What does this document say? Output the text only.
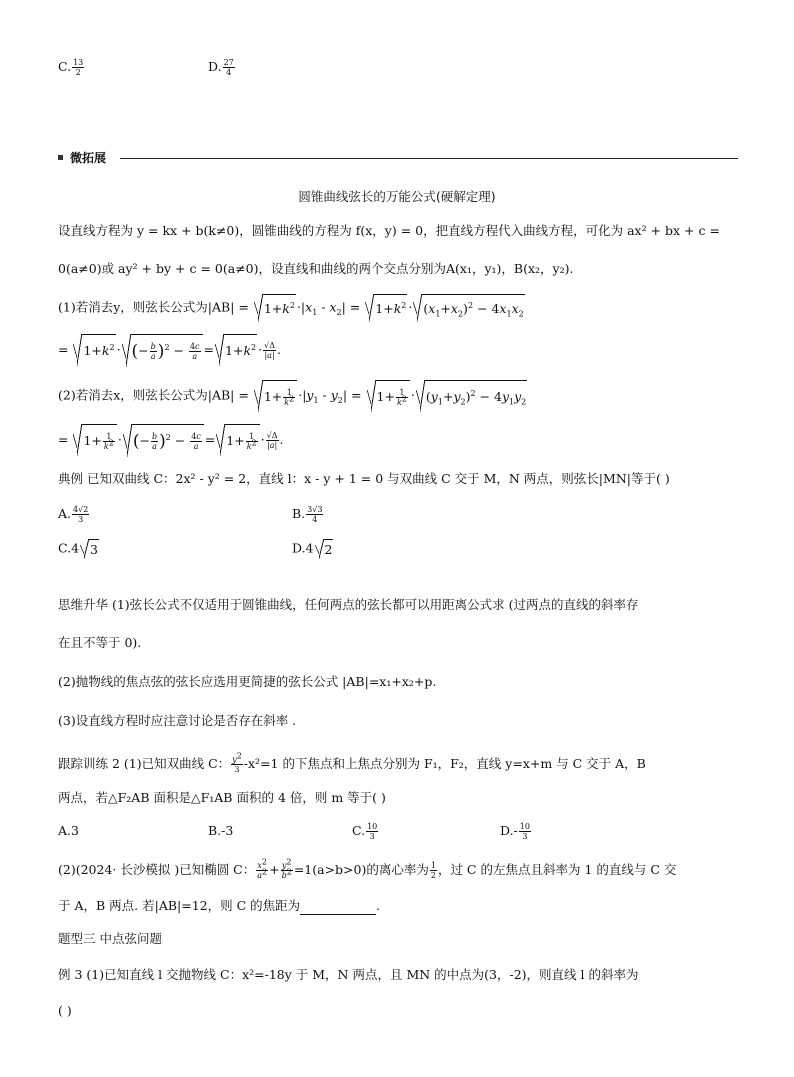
C. $\frac{13}{2}$	D. $\frac{27}{4}$
微拓展
圆锥曲线弦长的万能公式(硬解定理)
设直线方程为 y = kx + b(k≠0)，圆锥曲线的方程为 f(x，y) = 0，把直线方程代入曲线方程，可化为 ax² + bx + c =
0(a≠0)或 ay² + by + c = 0(a≠0)，设直线和曲线的两个交点分别为A(x₁，y₁)，B(x₂，y₂).
(1)若消去y，则弦长公式为$|AB| = 1+k^2 \cdot|x_1 - x_2| = 1+k^2 \cdot (x_1+x_2)^2 - 4x_1x_2$
= $1+k^2$ · (− $\frac{b}{a} )^2 - \frac{4c}{a} = 1+k^2 \cdot \frac{√\Delta}{|a|}$ .
(2)若消去x，则弦长公式为$|AB| = 1+ \frac{1}{k^2} \cdot|y_1 - y_2| = 1+ \frac{1}{k^2} \cdot (y_1+y_2)^2 - 4y_1y_2$
= $1+ \frac{1}{k^2}$ · (− $\frac{b}{a} )^2 - \frac{4c}{a} = 1+ \frac{1}{k^2} \cdot \frac{√\Delta}{|a|}$ .
典例 已知双曲线 C：2x² - y² = 2，直线 l：x - y + 1 = 0 与双曲线 C 交于 M，N 两点，则弦长|MN|等于( )
A. $\frac{4√2}{3}$	B. $\frac{3√3}{4}$
C.4 3	D.4 2
思维升华 (1)弦长公式不仅适用于圆锥曲线，任何两点的弦长都可以用距离公式求 (过两点的直线的斜率存
在且不等于 0).
(2)抛物线的焦点弦的弦长应选用更简捷的弦长公式 |AB|=x₁+x₂+p.
(3)设直线方程时应注意讨论是否存在斜率 .
跟踪训练 2 (1)已知双曲线 C： $\frac{y^2}{3} -x^2=1$ 的下焦点和上焦点分别为 F₁，F₂，直线 y=x+m 与 C 交于 A，B
两点，若△F₂AB 面积是△F₁AB 面积的 4 倍，则 m 等于( )
A.3	B.-3	C. $\frac{10}{3}$	$D.- \frac{10}{3}$
(2)(2024· 长沙模拟 )已知椭圆 C： $\frac{x^2}{a^2} + \frac{y^2}{b^2} =1(a>b>0)$的离心率为 $\frac{1}{2}$ ，过 C 的左焦点且斜率为 1 的直线与 C 交
于 A，B 两点. 若|AB|=12，则 C 的焦距为	.
题型三 中点弦问题
例 3 (1)已知直线 l 交抛物线 C：x²=-18y 于 M，N 两点，且 MN 的中点为(3，-2)，则直线 l 的斜率为
( )
